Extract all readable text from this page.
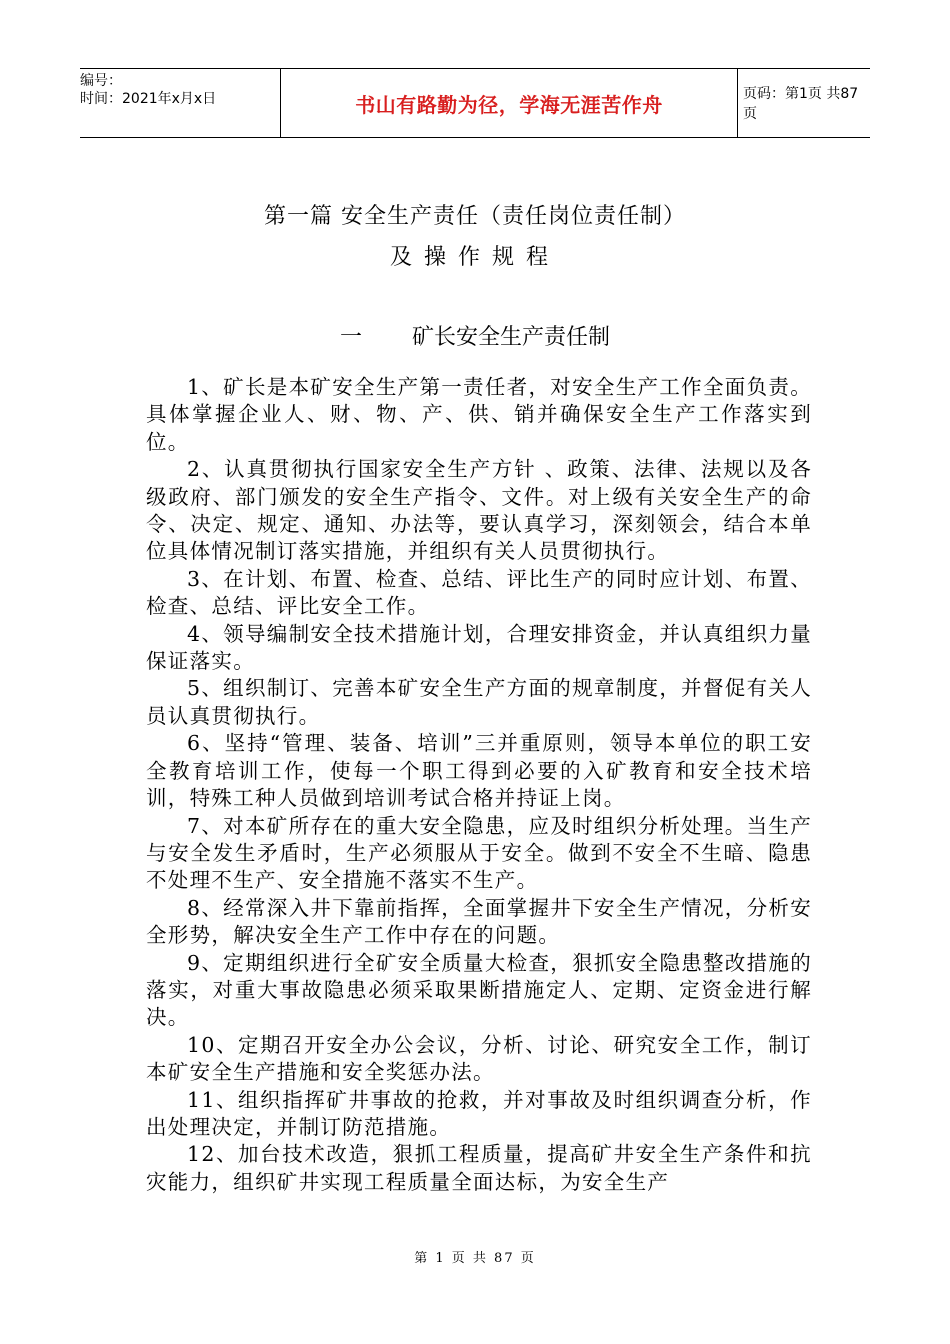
编号：
时间：2021年x月x日	书山有路勤为径，学海无涯苦作舟	页码：第1页 共87页
第一篇 安全生产责任（责任岗位责任制）
及操作规程
一 矿长安全生产责任制

1、矿长是本矿安全生产第一责任者，对安全生产工作全面负责。具体掌握企业人、财、物、产、供、销并确保安全生产工作落实到位。

2、认真贯彻执行国家安全生产方针 、政策、法律、法规以及各级政府、部门颁发的安全生产指令、文件。对上级有关安全生产的命令、决定、规定、通知、办法等，要认真学习，深刻领会，结合本单位具体情况制订落实措施，并组织有关人员贯彻执行。

3、在计划、布置、检查、总结、评比生产的同时应计划、布置、检查、总结、评比安全工作。

4、领导编制安全技术措施计划，合理安排资金，并认真组织力量保证落实。

5、组织制订、完善本矿安全生产方面的规章制度，并督促有关人员认真贯彻执行。

6、坚持“管理、装备、培训”三并重原则，领导本单位的职工安全教育培训工作，使每一个职工得到必要的入矿教育和安全技术培训，特殊工种人员做到培训考试合格并持证上岗。

7、对本矿所存在的重大安全隐患，应及时组织分析处理。当生产与安全发生矛盾时，生产必须服从于安全。做到不安全不生暗、隐患 不处理不生产、安全措施不落实不生产。

8、经常深入井下靠前指挥，全面掌握井下安全生产情况，分析安全形势，解决安全生产工作中存在的问题。

9、定期组织进行全矿安全质量大检查，狠抓安全隐患整改措施的落实，对重大事故隐患必须采取果断措施定人、定期、定资金进行解决。

10、定期召开安全办公会议，分析、讨论、研究安全工作，制订本矿安全生产措施和安全奖惩办法。

11、组织指挥矿井事故的抢救，并对事故及时组织调查分析，作出处理决定，并制订防范措施。

12、加台技术改造，狠抓工程质量，提高矿井安全生产条件和抗灾能力，组织矿井实现工程质量全面达标，为安全生产

第 1 页 共 87 页
